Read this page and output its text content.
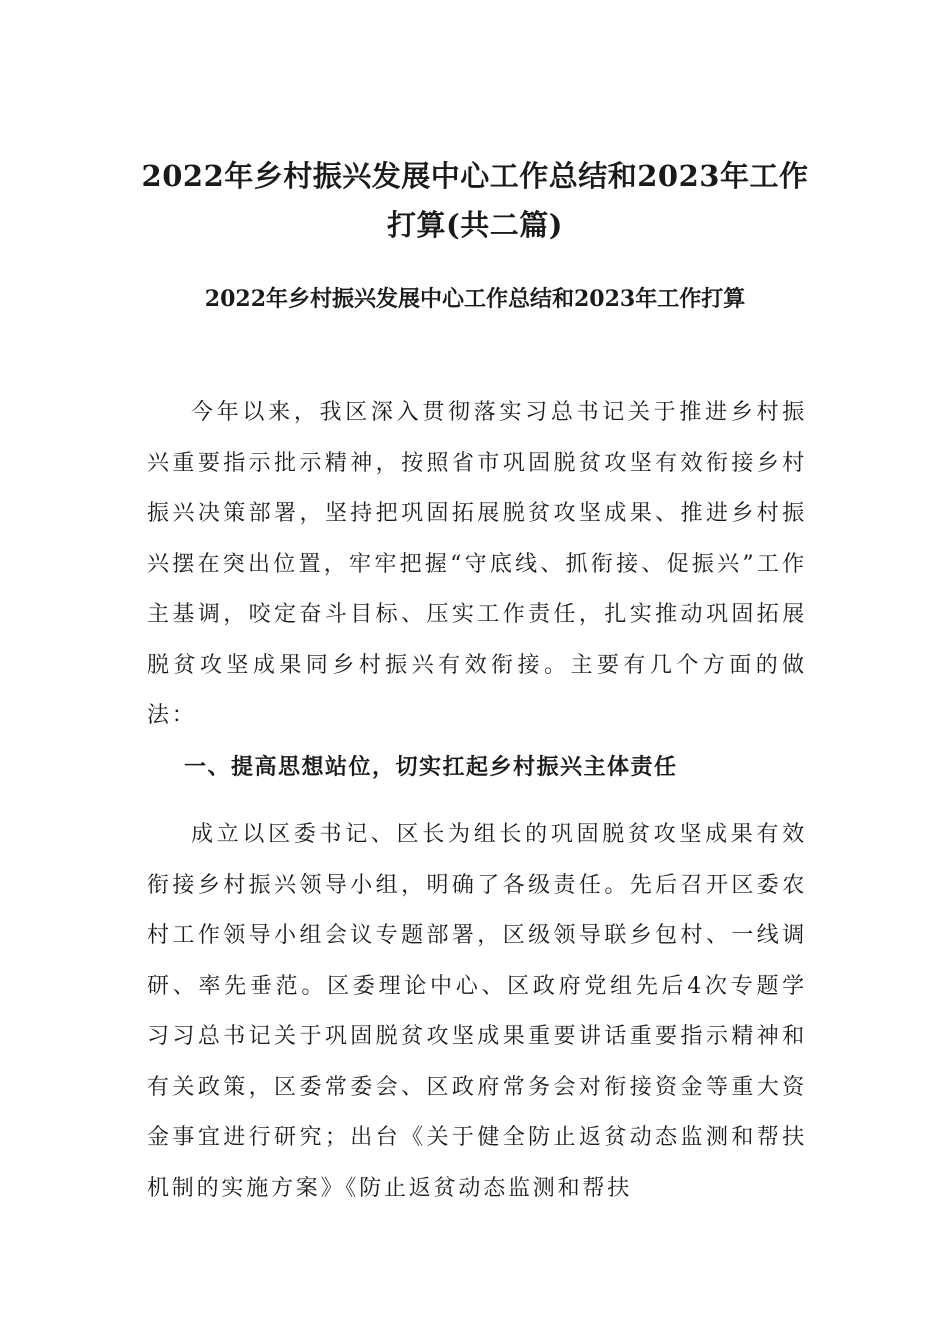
2022年乡村振兴发展中心工作总结和2023年工作打算(共二篇)
2022年乡村振兴发展中心工作总结和2023年工作打算

今年以来，我区深入贯彻落实习总书记关于推进乡村振兴重要指示批示精神，按照省市巩固脱贫攻坚有效衔接乡村振兴决策部署，坚持把巩固拓展脱贫攻坚成果、推进乡村振兴摆在突出位置，牢牢把握“守底线、抓衔接、促振兴”工作主基调，咬定奋斗目标、压实工作责任，扎实推动巩固拓展脱贫攻坚成果同乡村振兴有效衔接。主要有几个方面的做法：

一、提高思想站位，切实扛起乡村振兴主体责任

成立以区委书记、区长为组长的巩固脱贫攻坚成果有效衔接乡村振兴领导小组，明确了各级责任。先后召开区委农村工作领导小组会议专题部署，区级领导联乡包村、一线调研、率先垂范。区委理论中心、区政府党组先后4次专题学习习总书记关于巩固脱贫攻坚成果重要讲话重要指示精神和有关政策，区委常委会、区政府常务会对衔接资金等重大资金事宜进行研究；出台《关于健全防止返贫动态监测和帮扶机制的实施方案》《防止返贫动态监测和帮扶
